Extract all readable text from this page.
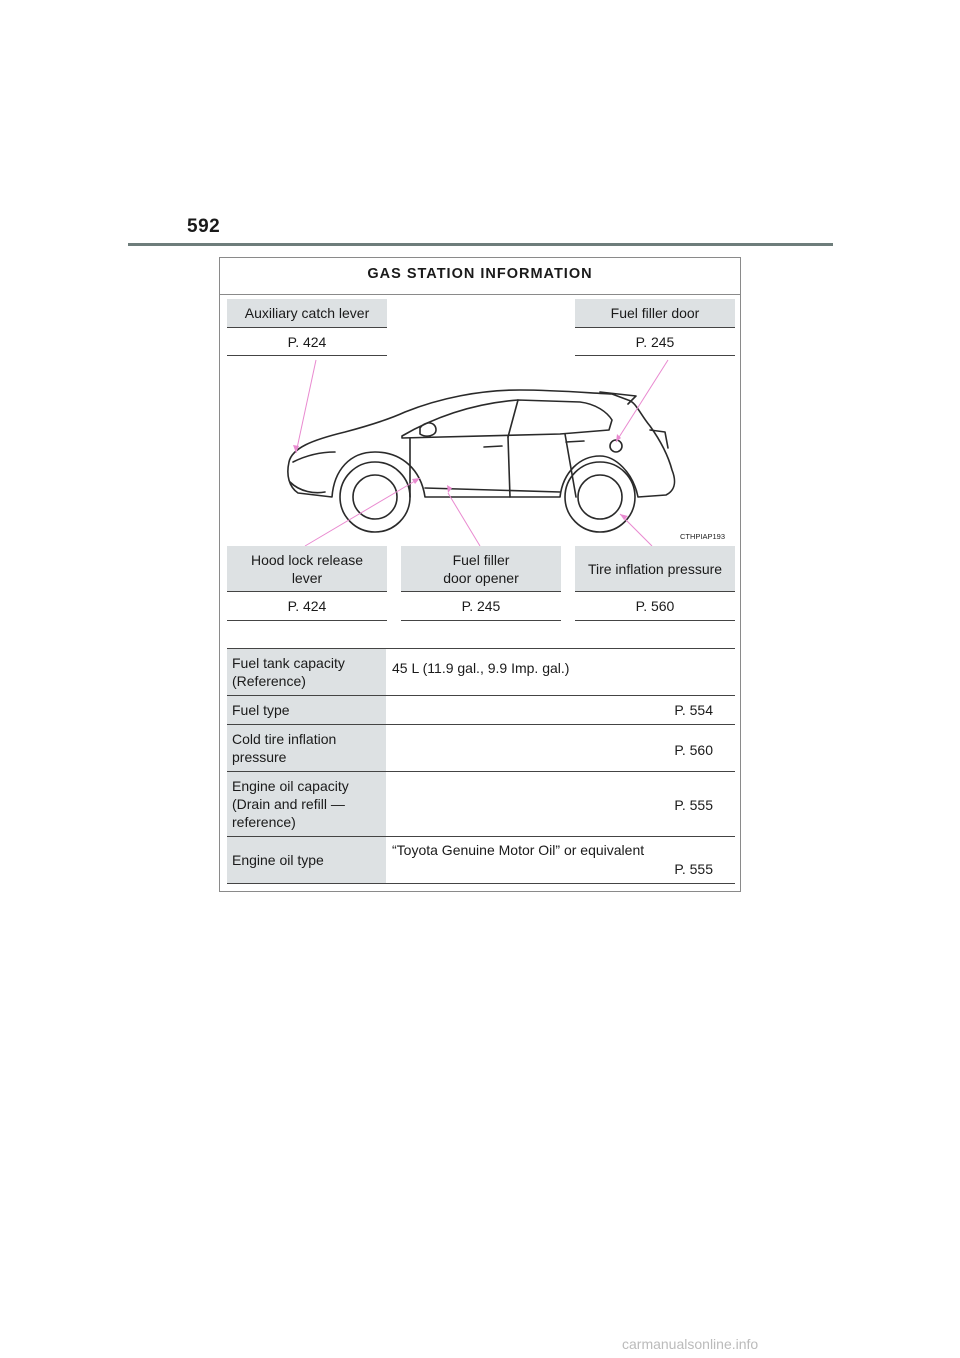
592
GAS STATION INFORMATION
Auxiliary catch lever
P. 424
Fuel filler door
P. 245
CTHPIAP193
Hood lock release
lever
P. 424
Fuel filler
door opener
P. 245
Tire inflation pressure
P. 560
Fuel tank capacity
(Reference)
45 L (11.9 gal., 9.9 Imp. gal.)
Fuel type	P. 554
Cold tire inflation
pressure	P. 560
Engine oil capacity
(Drain and refill —
reference)
P. 555
Engine oil type
“Toyota Genuine Motor Oil” or equivalent
P. 555
carmanualsonline.info
